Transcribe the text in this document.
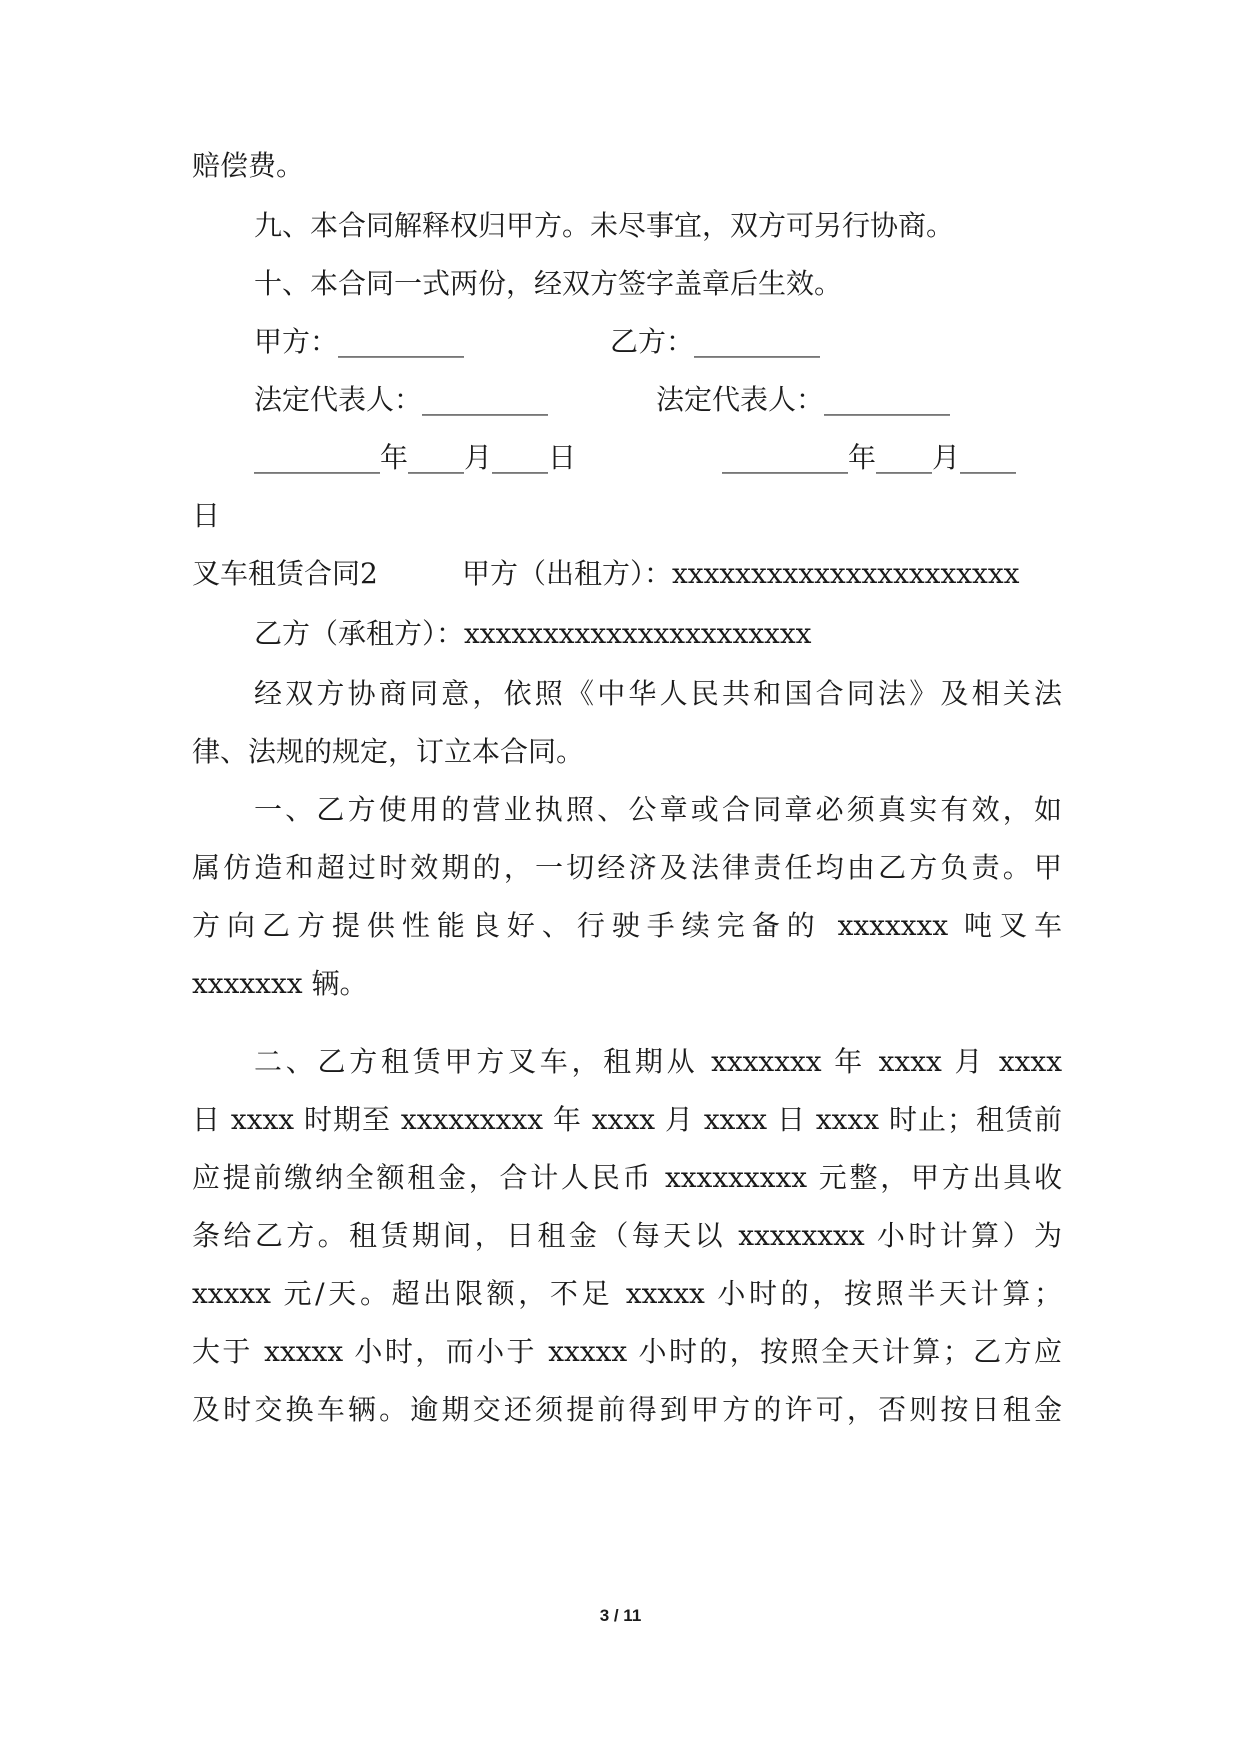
赔偿费。
九、本合同解释权归甲方。未尽事宜，双方可另行协商。
十、本合同一式两份，经双方签字盖章后生效。
甲方：_________	乙方：_________
法定代表人：_________	法定代表人：_________
_________年____月____日	_________年____月____
日
叉车租赁合同2	甲方（出租方）：xxxxxxxxxxxxxxxxxxxxxx
乙方（承租方）：xxxxxxxxxxxxxxxxxxxxxx
经双方协商同意，依照《中华人民共和国合同法》及相关法
律、法规的规定，订立本合同。
一、乙方使用的营业执照、公章或合同章必须真实有效，如
属仿造和超过时效期的，一切经济及法律责任均由乙方负责。甲
方向乙方提供性能良好、行驶手续完备的 xxxxxxx 吨叉车
xxxxxxx 辆。
二、乙方租赁甲方叉车，租期从 xxxxxxx 年 xxxx 月 xxxx
日 xxxx 时期至 xxxxxxxxx 年 xxxx 月 xxxx 日 xxxx 时止；租赁前
应提前缴纳全额租金，合计人民币 xxxxxxxxx 元整，甲方出具收
条给乙方。租赁期间，日租金（每天以 xxxxxxxx 小时计算）为
xxxxx 元/天。超出限额，不足 xxxxx 小时的，按照半天计算；
大于 xxxxx 小时，而小于 xxxxx 小时的，按照全天计算；乙方应
及时交换车辆。逾期交还须提前得到甲方的许可，否则按日租金
3 / 11
